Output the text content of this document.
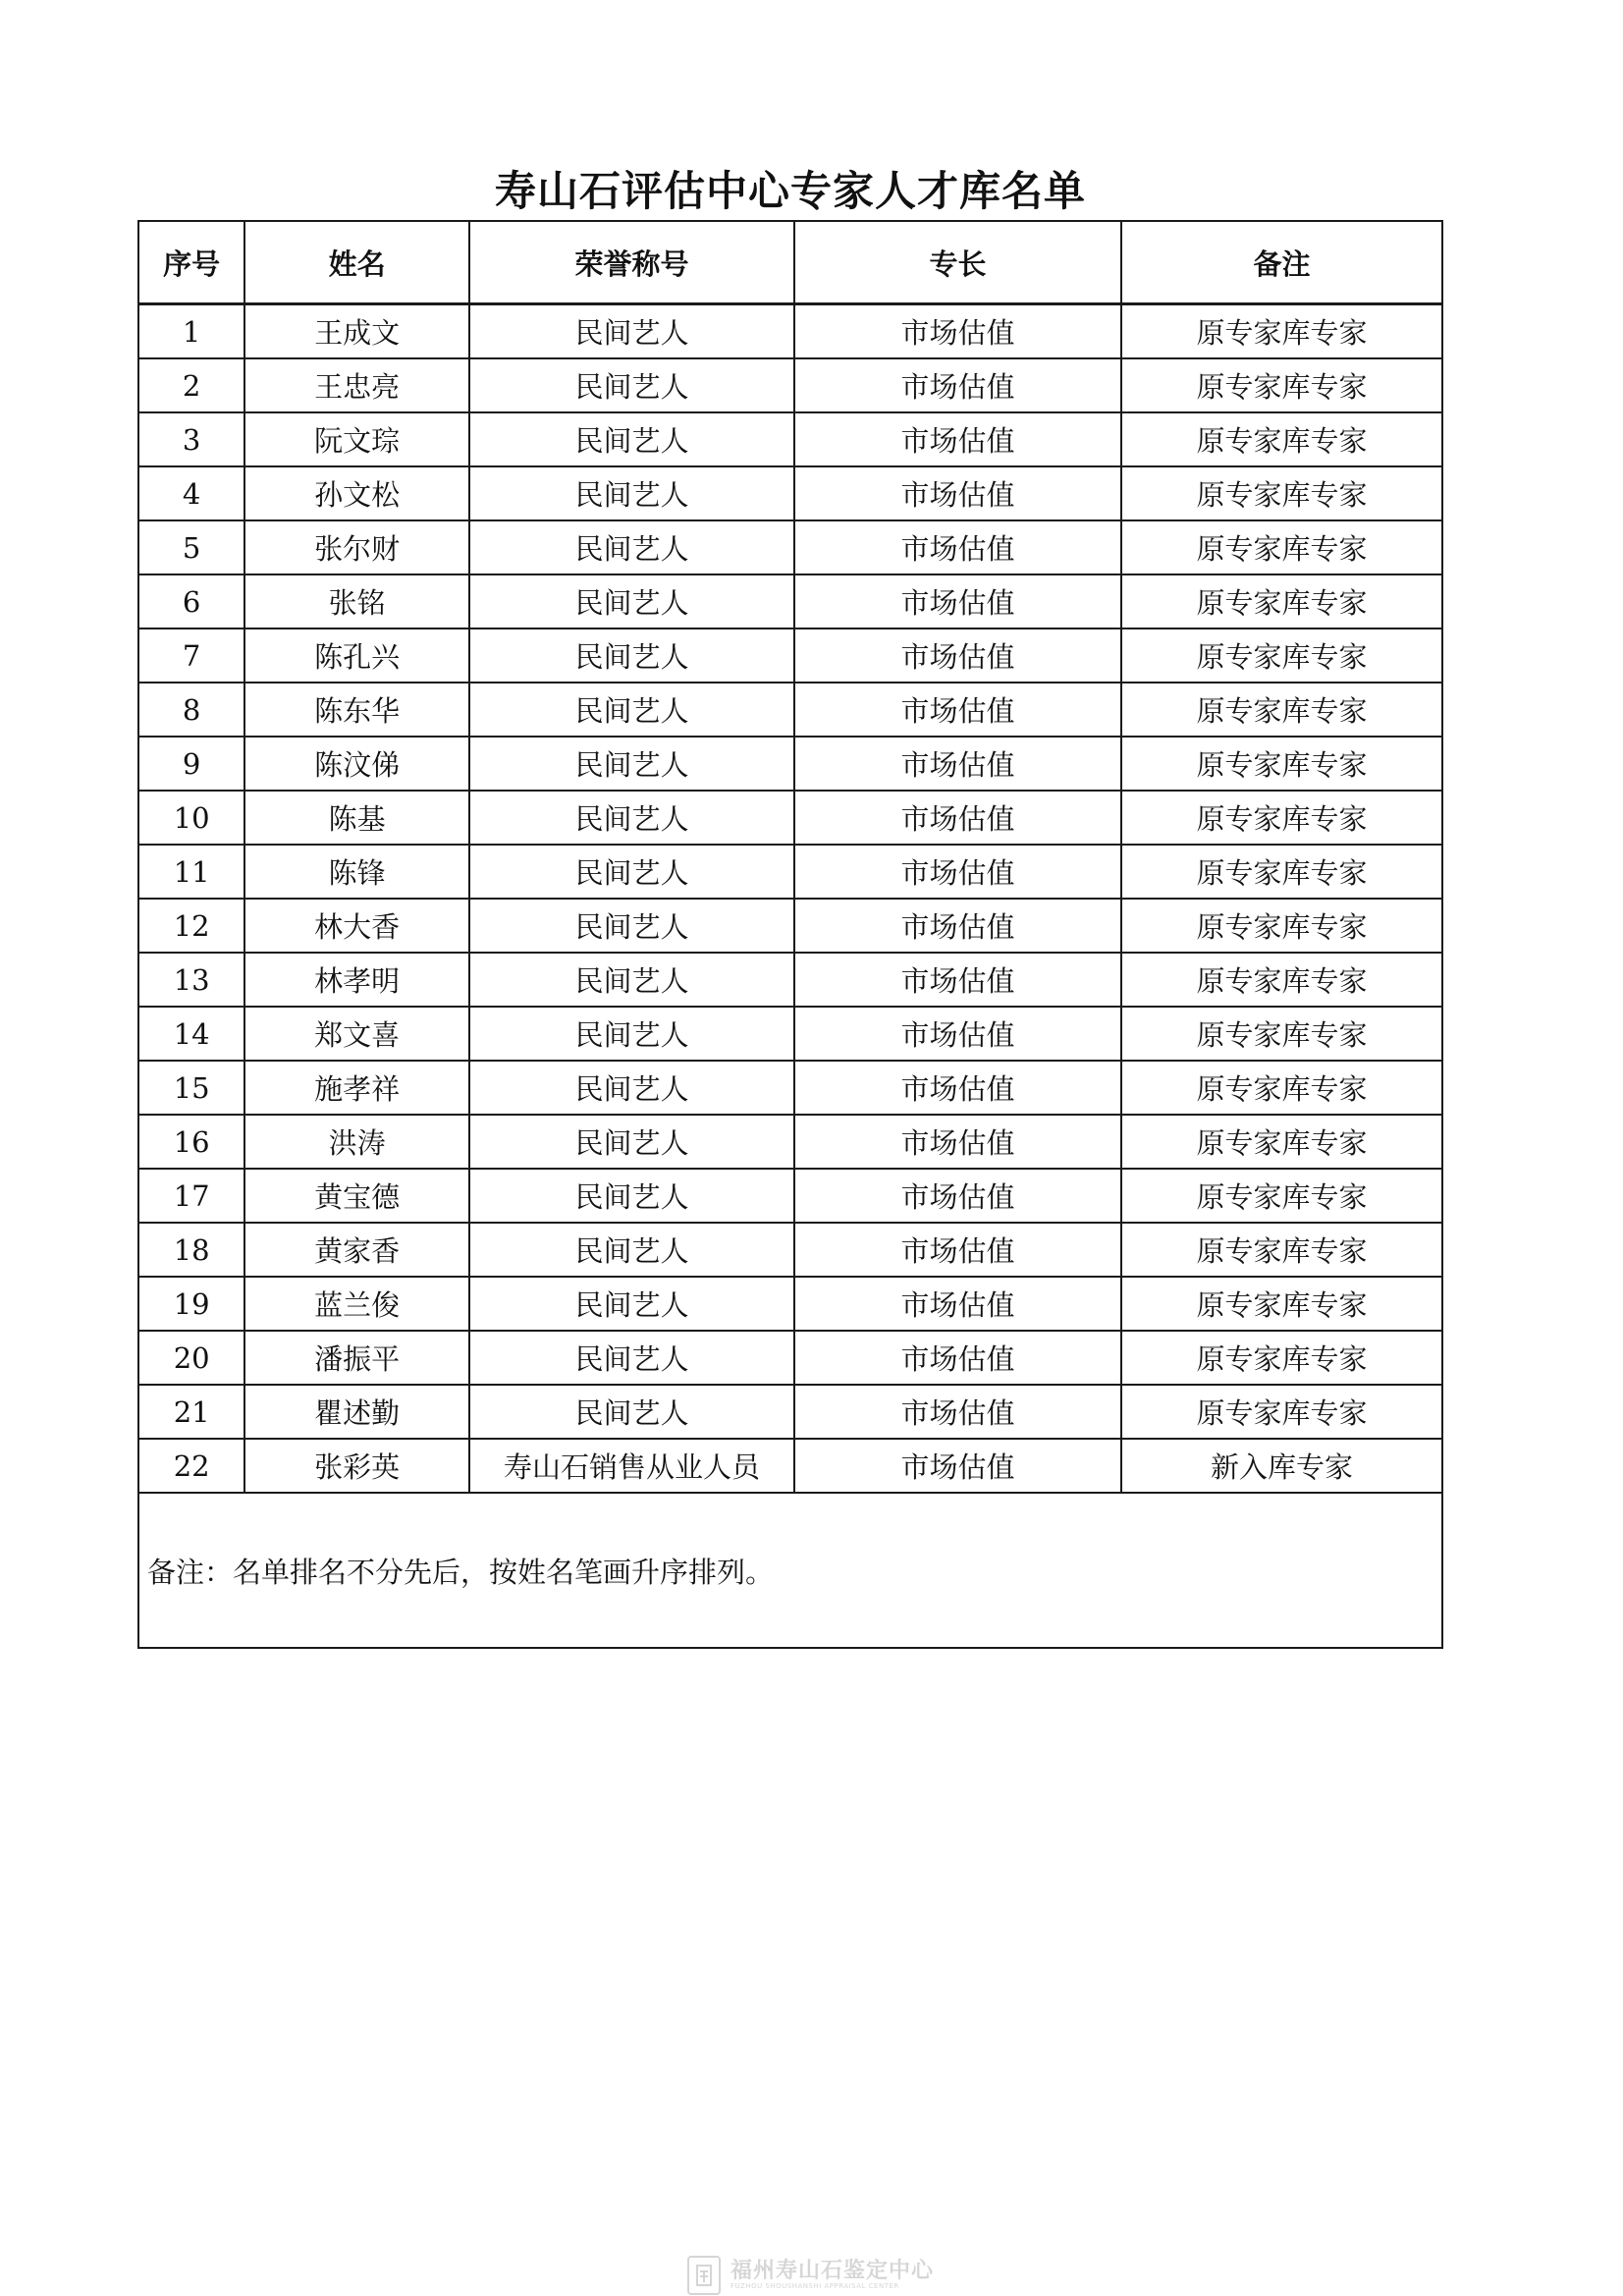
寿山石评估中心专家人才库名单
序号	姓名	荣誉称号	专长	备注
1	王成文	民间艺人	市场估值	原专家库专家
2	王忠亮	民间艺人	市场估值	原专家库专家
3	阮文琮	民间艺人	市场估值	原专家库专家
4	孙文松	民间艺人	市场估值	原专家库专家
5	张尔财	民间艺人	市场估值	原专家库专家
6	张铭	民间艺人	市场估值	原专家库专家
7	陈孔兴	民间艺人	市场估值	原专家库专家
8	陈东华	民间艺人	市场估值	原专家库专家
9	陈汶俤	民间艺人	市场估值	原专家库专家
10	陈基	民间艺人	市场估值	原专家库专家
11	陈锋	民间艺人	市场估值	原专家库专家
12	林大香	民间艺人	市场估值	原专家库专家
13	林孝明	民间艺人	市场估值	原专家库专家
14	郑文喜	民间艺人	市场估值	原专家库专家
15	施孝祥	民间艺人	市场估值	原专家库专家
16	洪涛	民间艺人	市场估值	原专家库专家
17	黄宝德	民间艺人	市场估值	原专家库专家
18	黄家香	民间艺人	市场估值	原专家库专家
19	蓝兰俊	民间艺人	市场估值	原专家库专家
20	潘振平	民间艺人	市场估值	原专家库专家
21	瞿述勤	民间艺人	市场估值	原专家库专家
22	张彩英	寿山石销售从业人员	市场估值	新入库专家
备注：名单排名不分先后，按姓名笔画升序排列。				
福州寿山石鉴定中心
FUZHOU SHOUSHANSHI APPRAISAL CENTER
